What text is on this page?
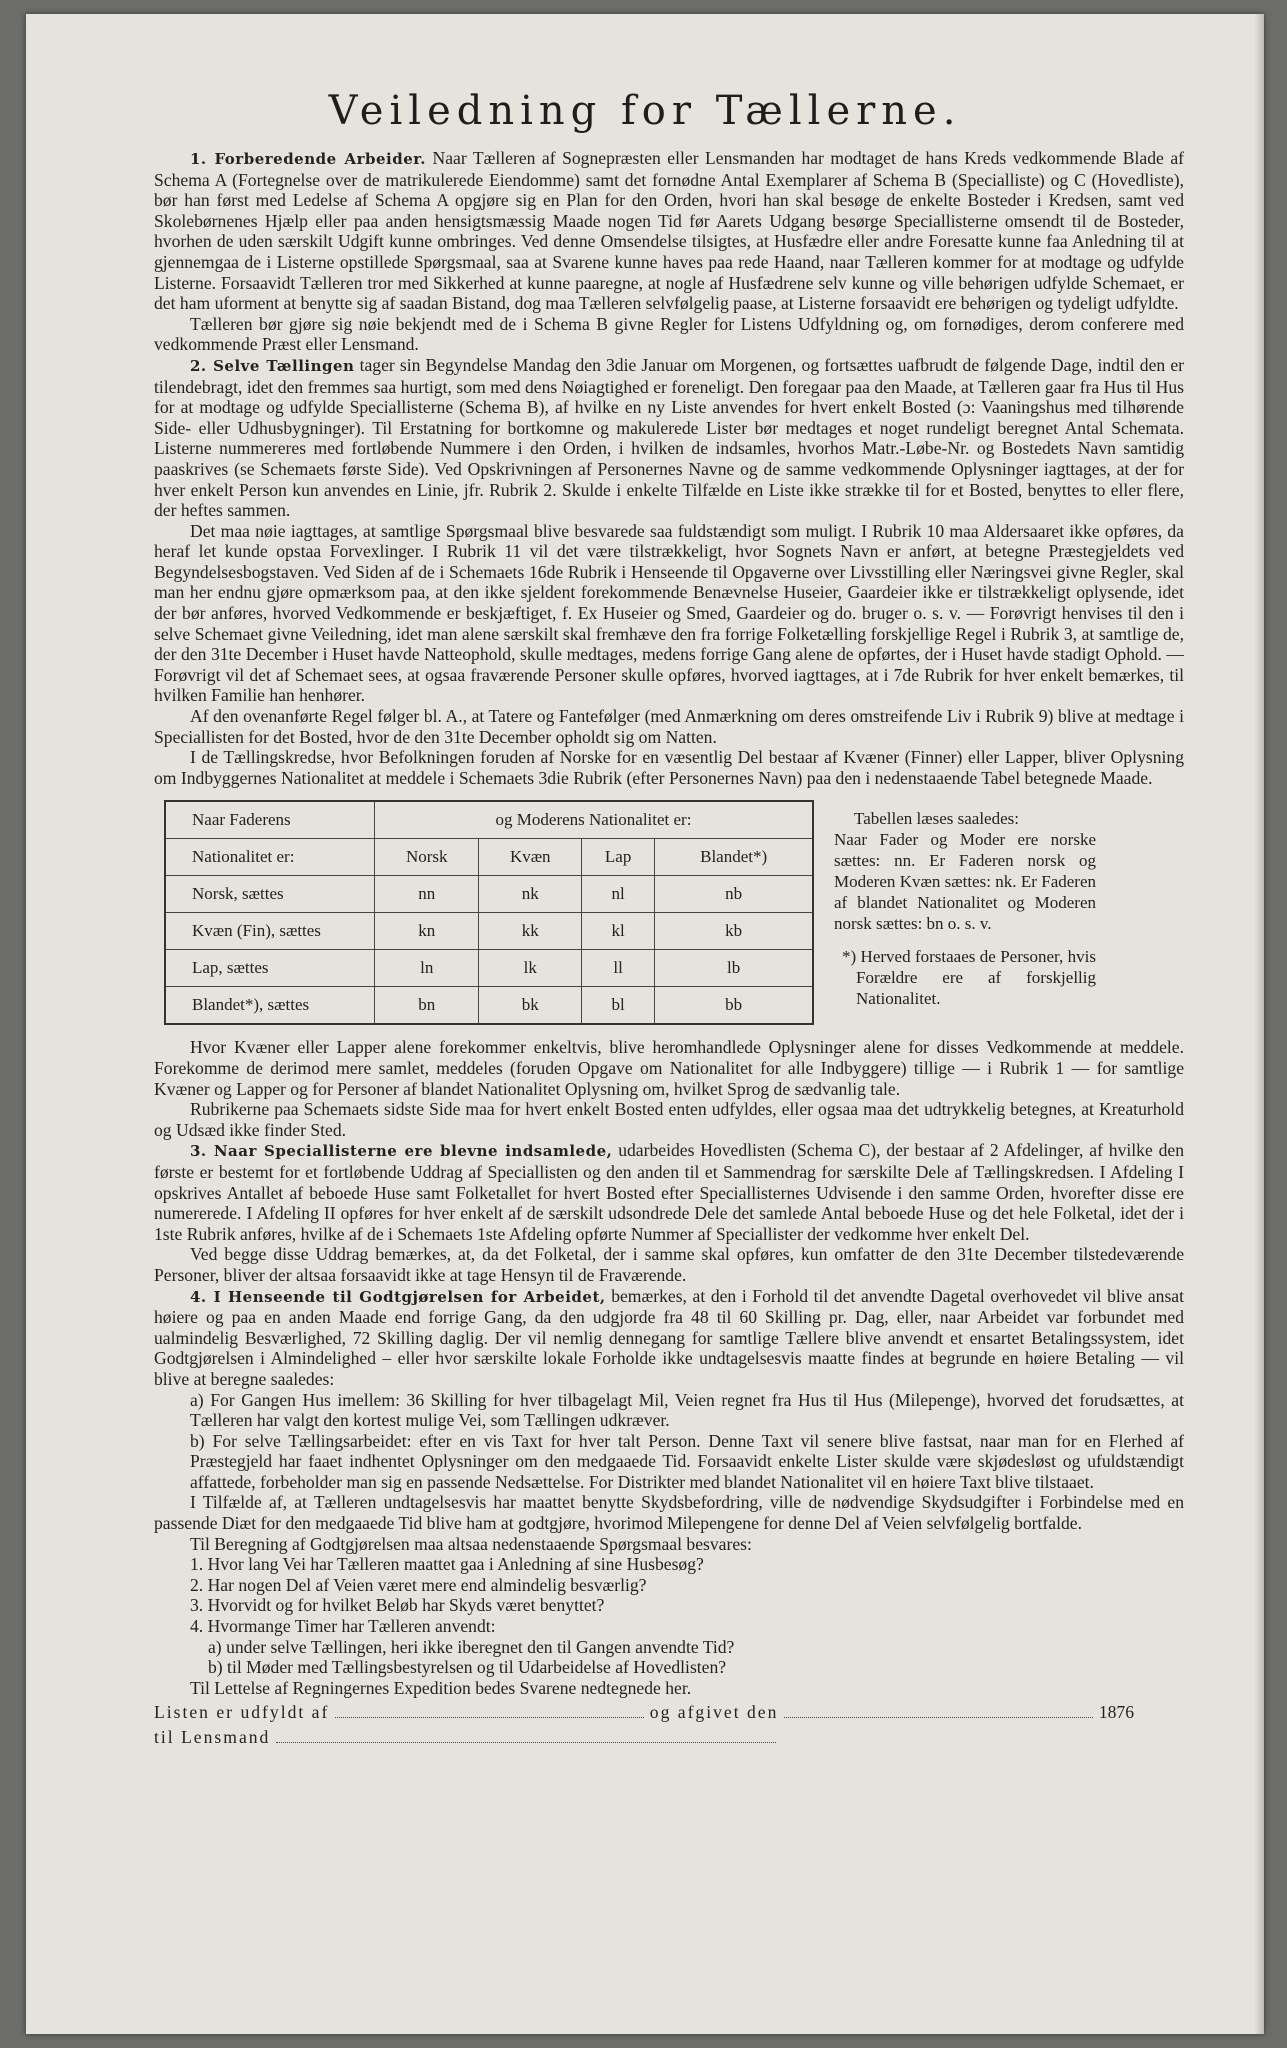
Veiledning for Tællerne.

1. Forberedende Arbeider. Naar Tælleren af Sognepræsten eller Lensmanden har modtaget de hans Kreds vedkommende Blade af Schema A (Fortegnelse over de matrikulerede Eiendomme) samt det fornødne Antal Exemplarer af Schema B (Specialliste) og C (Hovedliste), bør han først med Ledelse af Schema A opgjøre sig en Plan for den Orden, hvori han skal besøge de enkelte Bosteder i Kredsen, samt ved Skolebørnenes Hjælp eller paa anden hensigtsmæssig Maade nogen Tid før Aarets Udgang besørge Speciallisterne omsendt til de Bosteder, hvorhen de uden særskilt Udgift kunne ombringes. Ved denne Omsendelse tilsigtes, at Husfædre eller andre Foresatte kunne faa Anledning til at gjennemgaa de i Listerne opstillede Spørgsmaal, saa at Svarene kunne haves paa rede Haand, naar Tælleren kommer for at modtage og udfylde Listerne. Forsaavidt Tælleren tror med Sikkerhed at kunne paaregne, at nogle af Husfædrene selv kunne og ville behørigen udfylde Schemaet, er det ham uforment at benytte sig af saadan Bistand, dog maa Tælleren selvfølgelig paase, at Listerne forsaavidt ere behørigen og tydeligt udfyldte.

Tælleren bør gjøre sig nøie bekjendt med de i Schema B givne Regler for Listens Udfyldning og, om fornødiges, derom conferere med vedkommende Præst eller Lensmand.

2. Selve Tællingen tager sin Begyndelse Mandag den 3die Januar om Morgenen, og fortsættes uafbrudt de følgende Dage, indtil den er tilendebragt, idet den fremmes saa hurtigt, som med dens Nøiagtighed er foreneligt. Den foregaar paa den Maade, at Tælleren gaar fra Hus til Hus for at modtage og udfylde Speciallisterne (Schema B), af hvilke en ny Liste anvendes for hvert enkelt Bosted (ɔ: Vaaningshus med tilhørende Side- eller Udhusbygninger). Til Erstatning for bortkomne og makulerede Lister bør medtages et noget rundeligt beregnet Antal Schemata. Listerne nummereres med fortløbende Nummere i den Orden, i hvilken de indsamles, hvorhos Matr.-Løbe-Nr. og Bostedets Navn samtidig paaskrives (se Schemaets første Side). Ved Opskrivningen af Personernes Navne og de samme vedkommende Oplysninger iagttages, at der for hver enkelt Person kun anvendes en Linie, jfr. Rubrik 2. Skulde i enkelte Tilfælde en Liste ikke strække til for et Bosted, benyttes to eller flere, der heftes sammen.

Det maa nøie iagttages, at samtlige Spørgsmaal blive besvarede saa fuldstændigt som muligt. I Rubrik 10 maa Aldersaaret ikke opføres, da heraf let kunde opstaa Forvexlinger. I Rubrik 11 vil det være tilstrækkeligt, hvor Sognets Navn er anført, at betegne Præstegjeldets ved Begyndelsesbogstaven. Ved Siden af de i Schemaets 16de Rubrik i Henseende til Opgaverne over Livsstilling eller Næringsvei givne Regler, skal man her endnu gjøre opmærksom paa, at den ikke sjeldent forekommende Benævnelse Huseier, Gaardeier ikke er tilstrækkeligt oplysende, idet der bør anføres, hvorved Vedkommende er beskjæftiget, f. Ex Huseier og Smed, Gaardeier og do. bruger o. s. v. — Forøvrigt henvises til den i selve Schemaet givne Veiledning, idet man alene særskilt skal fremhæve den fra forrige Folketælling forskjellige Regel i Rubrik 3, at samtlige de, der den 31te December i Huset havde Natteophold, skulle medtages, medens forrige Gang alene de opførtes, der i Huset havde stadigt Ophold. — Forøvrigt vil det af Schemaet sees, at ogsaa fraværende Personer skulle opføres, hvorved iagttages, at i 7de Rubrik for hver enkelt bemærkes, til hvilken Familie han henhører.

Af den ovenanførte Regel følger bl. A., at Tatere og Fantefølger (med Anmærkning om deres omstreifende Liv i Rubrik 9) blive at medtage i Speciallisten for det Bosted, hvor de den 31te December opholdt sig om Natten.

I de Tællingskredse, hvor Befolkningen foruden af Norske for en væsentlig Del bestaar af Kvæner (Finner) eller Lapper, bliver Oplysning om Indbyggernes Nationalitet at meddele i Schemaets 3die Rubrik (efter Personernes Navn) paa den i nedenstaaende Tabel betegnede Maade.

Naar Faderens	og Moderens Nationalitet er:			
Nationalitet er:	Norsk	Kvæn	Lap	Blandet*)
Norsk, sættes	nn	nk	nl	nb
Kvæn (Fin), sættes	kn	kk	kl	kb
Lap, sættes	ln	lk	ll	lb
Blandet*), sættes	bn	bk	bl	bb
Tabellen læses saaledes:
Naar Fader og Moder ere norske sættes: nn. Er Faderen norsk og Moderen Kvæn sættes: nk. Er Faderen af blandet Nationalitet og Moderen norsk sættes: bn o. s. v.
*) Herved forstaaes de Personer, hvis Forældre ere af forskjellig Nationalitet.

Hvor Kvæner eller Lapper alene forekommer enkeltvis, blive heromhandlede Oplysninger alene for disses Vedkommende at meddele. Forekomme de derimod mere samlet, meddeles (foruden Opgave om Nationalitet for alle Indbyggere) tillige — i Rubrik 1 — for samtlige Kvæner og Lapper og for Personer af blandet Nationalitet Oplysning om, hvilket Sprog de sædvanlig tale.

Rubrikerne paa Schemaets sidste Side maa for hvert enkelt Bosted enten udfyldes, eller ogsaa maa det udtrykkelig betegnes, at Kreaturhold og Udsæd ikke finder Sted.

3. Naar Speciallisterne ere blevne indsamlede, udarbeides Hovedlisten (Schema C), der bestaar af 2 Afdelinger, af hvilke den første er bestemt for et fortløbende Uddrag af Speciallisten og den anden til et Sammendrag for særskilte Dele af Tællingskredsen. I Afdeling I opskrives Antallet af beboede Huse samt Folketallet for hvert Bosted efter Speciallisternes Udvisende i den samme Orden, hvorefter disse ere numererede. I Afdeling II opføres for hver enkelt af de særskilt udsondrede Dele det samlede Antal beboede Huse og det hele Folketal, idet der i 1ste Rubrik anføres, hvilke af de i Schemaets 1ste Afdeling opførte Nummer af Speciallister der vedkomme hver enkelt Del.

Ved begge disse Uddrag bemærkes, at, da det Folketal, der i samme skal opføres, kun omfatter de den 31te December tilstedeværende Personer, bliver der altsaa forsaavidt ikke at tage Hensyn til de Fraværende.

4. I Henseende til Godtgjørelsen for Arbeidet, bemærkes, at den i Forhold til det anvendte Dagetal overhovedet vil blive ansat høiere og paa en anden Maade end forrige Gang, da den udgjorde fra 48 til 60 Skilling pr. Dag, eller, naar Arbeidet var forbundet med ualmindelig Besværlighed, 72 Skilling daglig. Der vil nemlig dennegang for samtlige Tællere blive anvendt et ensartet Betalingssystem, idet Godtgjørelsen i Almindelighed – eller hvor særskilte lokale Forholde ikke undtagelsesvis maatte findes at begrunde en høiere Betaling — vil blive at beregne saaledes:

a) For Gangen Hus imellem: 36 Skilling for hver tilbagelagt Mil, Veien regnet fra Hus til Hus (Milepenge), hvorved det forudsættes, at Tælleren har valgt den kortest mulige Vei, som Tællingen udkræver.

b) For selve Tællingsarbeidet: efter en vis Taxt for hver talt Person. Denne Taxt vil senere blive fastsat, naar man for en Flerhed af Præstegjeld har faaet indhentet Oplysninger om den medgaaede Tid. Forsaavidt enkelte Lister skulde være skjødesløst og ufuldstændigt affattede, forbeholder man sig en passende Nedsættelse. For Distrikter med blandet Nationalitet vil en høiere Taxt blive tilstaaet.

I Tilfælde af, at Tælleren undtagelsesvis har maattet benytte Skydsbefordring, ville de nødvendige Skydsudgifter i Forbindelse med en passende Diæt for den medgaaede Tid blive ham at godtgjøre, hvorimod Milepengene for denne Del af Veien selvfølgelig bortfalde.

Til Beregning af Godtgjørelsen maa altsaa nedenstaaende Spørgsmaal besvares:

1. Hvor lang Vei har Tælleren maattet gaa i Anledning af sine Husbesøg?

2. Har nogen Del af Veien været mere end almindelig besværlig?

3. Hvorvidt og for hvilket Beløb har Skyds været benyttet?

4. Hvormange Timer har Tælleren anvendt:

a) under selve Tællingen, heri ikke iberegnet den til Gangen anvendte Tid?

b) til Møder med Tællingsbestyrelsen og til Udarbeidelse af Hovedlisten?

Til Lettelse af Regningernes Expedition bedes Svarene nedtegnede her.

Listen er udfyldt af	og afgivet den	1876
til Lensmand
